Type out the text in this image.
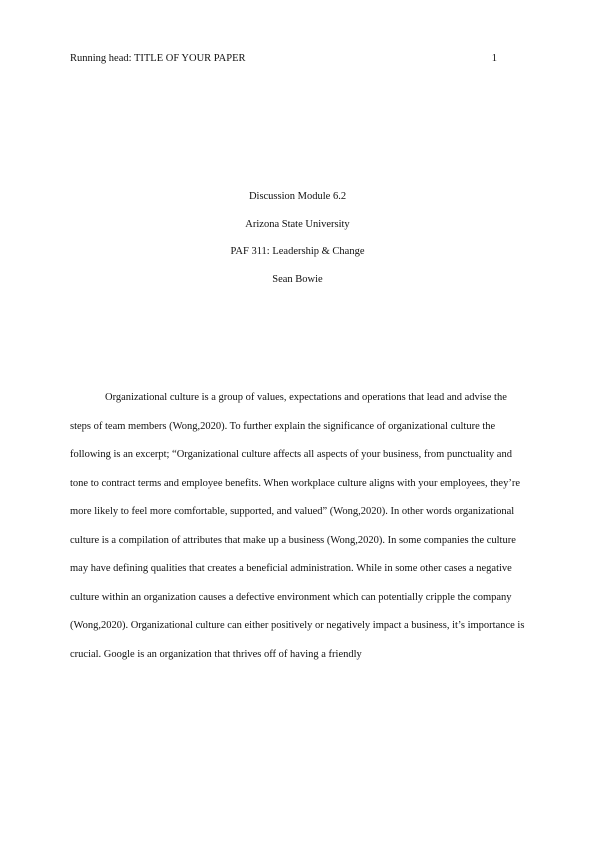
Running head: TITLE OF YOUR PAPER	1
Discussion Module 6.2
Arizona State University
PAF 311: Leadership & Change
Sean Bowie

Organizational culture is a group of values, expectations and operations that lead and advise the steps of team members (Wong,2020). To further explain the significance of organizational culture the following is an excerpt; “Organizational culture affects all aspects of your business, from punctuality and tone to contract terms and employee benefits. When workplace culture aligns with your employees, they’re more likely to feel more comfortable, supported, and valued” (Wong,2020). In other words organizational culture is a compilation of attributes that make up a business (Wong,2020). In some companies the culture may have defining qualities that creates a beneficial administration. While in some other cases a negative culture within an organization causes a defective environment which can potentially cripple the company (Wong,2020). Organizational culture can either positively or negatively impact a business, it’s importance is crucial. Google is an organization that thrives off of having a friendly
